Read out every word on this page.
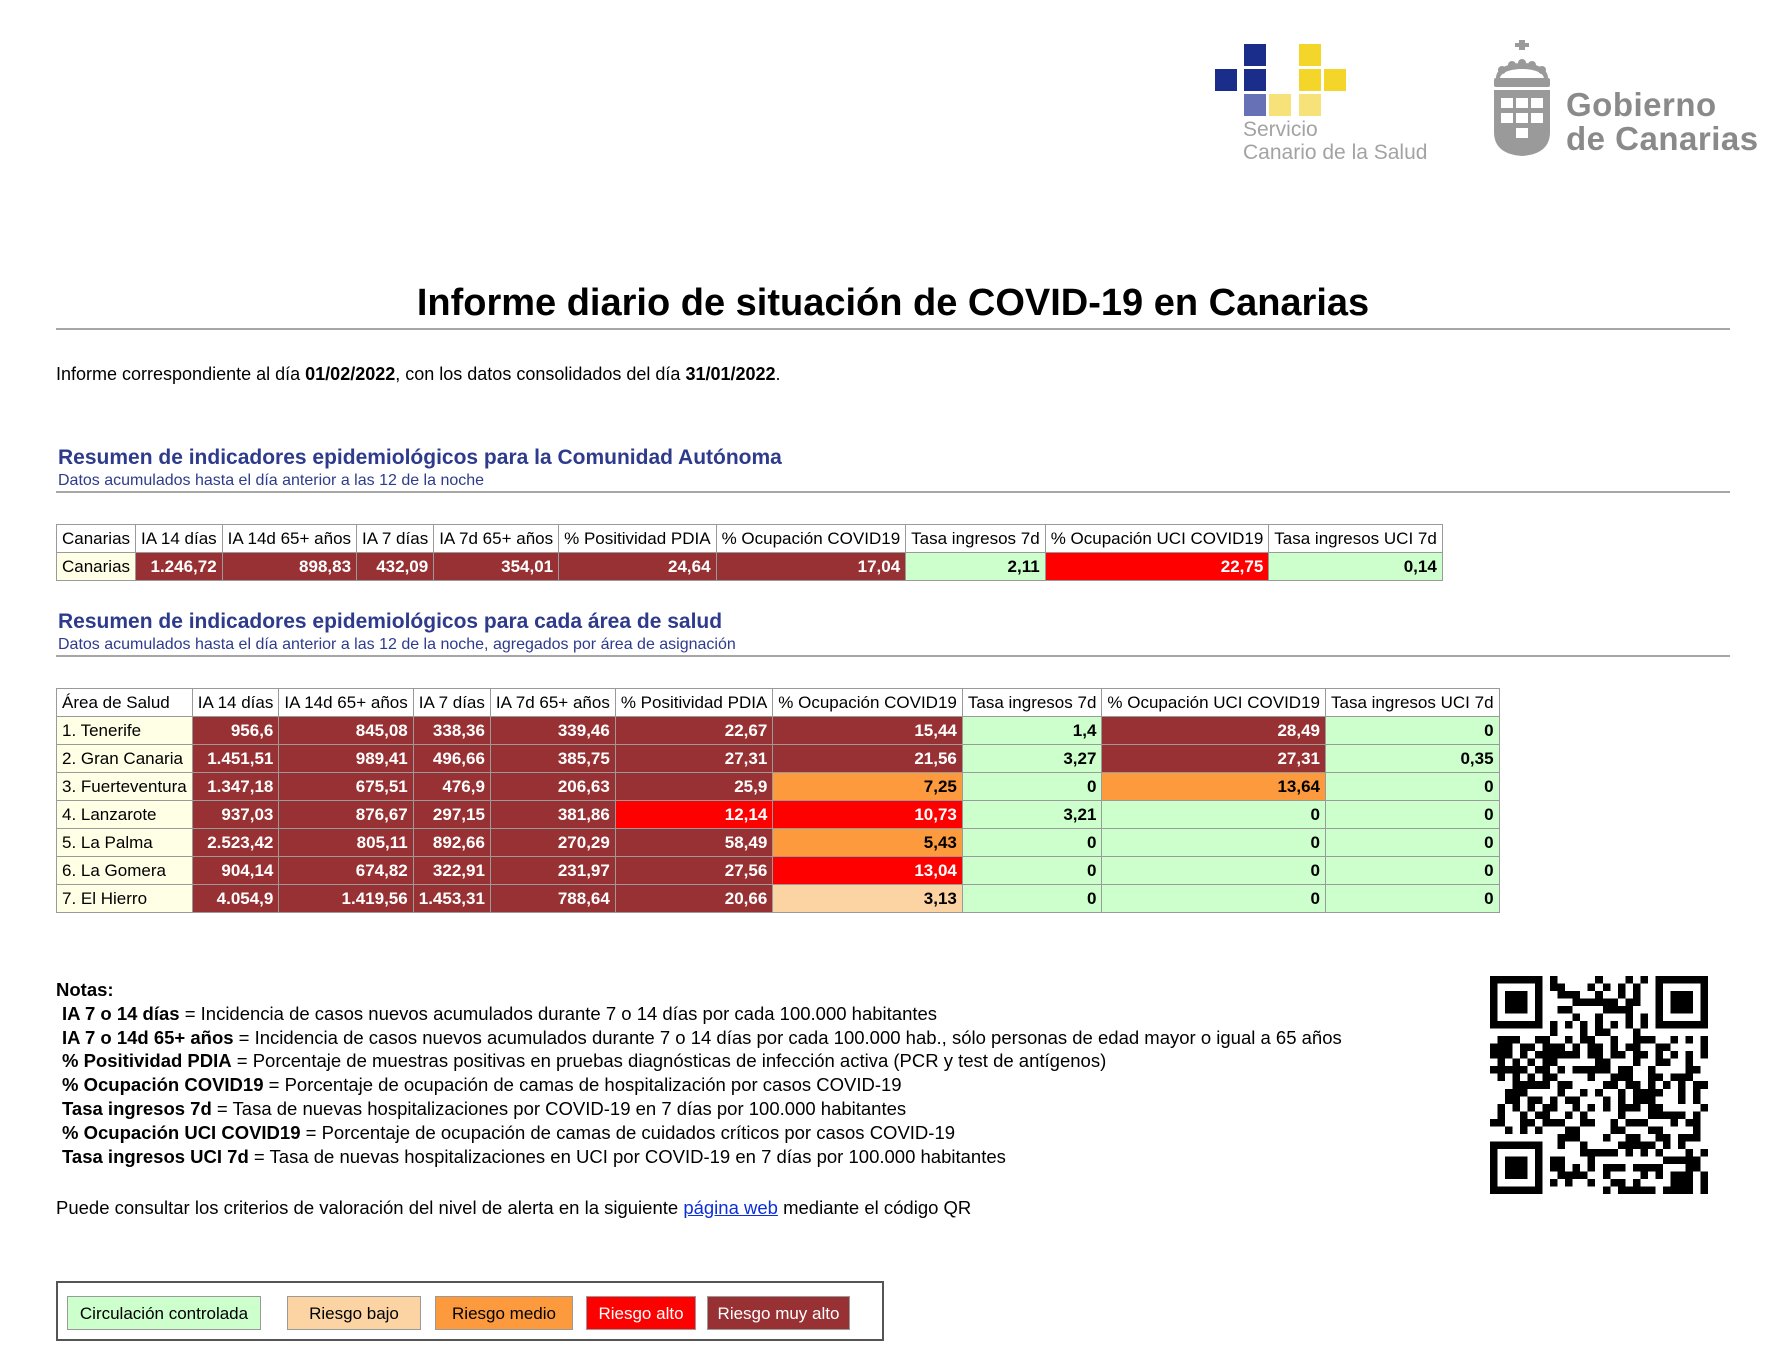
Servicio
Canario de la Salud
Gobierno
de Canarias
Informe diario de situación de COVID-19 en Canarias
Informe correspondiente al día 01/02/2022, con los datos consolidados del día 31/01/2022.
Resumen de indicadores epidemiológicos para la Comunidad Autónoma
Datos acumulados hasta el día anterior a las 12 de la noche
Canarias	IA 14 días	IA 14d 65+ años	IA 7 días	IA 7d 65+ años	% Positividad PDIA	% Ocupación COVID19	Tasa ingresos 7d	% Ocupación UCI COVID19	Tasa ingresos UCI 7d
Canarias	1.246,72	898,83	432,09	354,01	24,64	17,04	2,11	22,75	0,14
Resumen de indicadores epidemiológicos para cada área de salud
Datos acumulados hasta el día anterior a las 12 de la noche, agregados por área de asignación
Área de Salud	IA 14 días	IA 14d 65+ años	IA 7 días	IA 7d 65+ años	% Positividad PDIA	% Ocupación COVID19	Tasa ingresos 7d	% Ocupación UCI COVID19	Tasa ingresos UCI 7d
1. Tenerife	956,6	845,08	338,36	339,46	22,67	15,44	1,4	28,49	0
2. Gran Canaria	1.451,51	989,41	496,66	385,75	27,31	21,56	3,27	27,31	0,35
3. Fuerteventura	1.347,18	675,51	476,9	206,63	25,9	7,25	0	13,64	0
4. Lanzarote	937,03	876,67	297,15	381,86	12,14	10,73	3,21	0	0
5. La Palma	2.523,42	805,11	892,66	270,29	58,49	5,43	0	0	0
6. La Gomera	904,14	674,82	322,91	231,97	27,56	13,04	0	0	0
7. El Hierro	4.054,9	1.419,56	1.453,31	788,64	20,66	3,13	0	0	0
Notas:
IA 7 o 14 días = Incidencia de casos nuevos acumulados durante 7 o 14 días por cada 100.000 habitantes
IA 7 o 14d 65+ años = Incidencia de casos nuevos acumulados durante 7 o 14 días por cada 100.000 hab., sólo personas de edad mayor o igual a 65 años
% Positividad PDIA = Porcentaje de muestras positivas en pruebas diagnósticas de infección activa (PCR y test de antígenos)
% Ocupación COVID19 = Porcentaje de ocupación de camas de hospitalización por casos COVID-19
Tasa ingresos 7d = Tasa de nuevas hospitalizaciones por COVID-19 en 7 días por 100.000 habitantes
% Ocupación UCI COVID19 = Porcentaje de ocupación de camas de cuidados críticos por casos COVID-19
Tasa ingresos UCI 7d = Tasa de nuevas hospitalizaciones en UCI por COVID-19 en 7 días por 100.000 habitantes
Puede consultar los criterios de valoración del nivel de alerta en la siguiente página web mediante el código QR
Circulación controlada	Riesgo bajo	Riesgo medio	Riesgo alto	Riesgo muy alto
